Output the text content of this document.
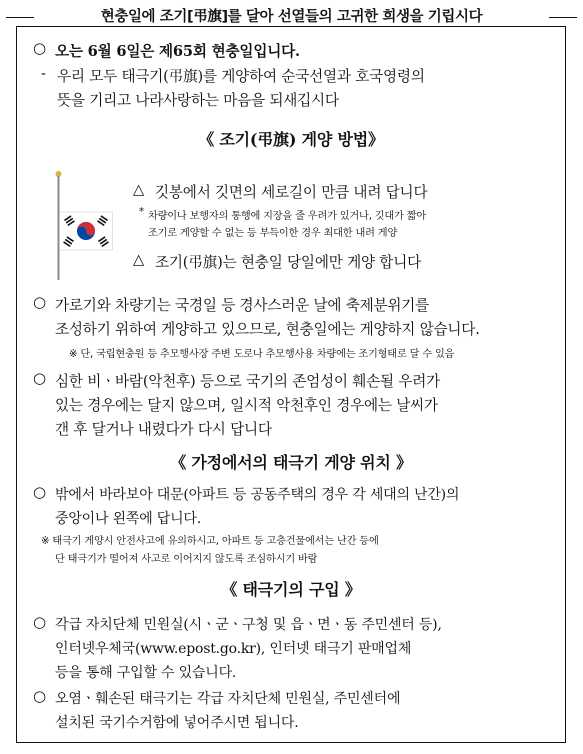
현충일에 조기[弔旗]를 달아 선열들의 고귀한 희생을 기립시다
○ 오는 6월 6일은 제65회 현충일입니다.
- 우리 모두 태극기(弔旗)를 게양하여 순국선열과 호국영령의
뜻을 기리고 나라사랑하는 마음을 되새깁시다
《 조기(弔旗) 게양 방법》
△ 깃봉에서 깃면의 세로길이 만큼 내려 답니다
* 차량이나 보행자의 통행에 지장을 줄 우려가 있거나, 깃대가 짧아
조기로 게양할 수 없는 등 부득이한 경우 최대한 내려 게양
△ 조기(弔旗)는 현충일 당일에만 게양 합니다
○ 가로기와 차량기는 국경일 등 경사스러운 날에 축제분위기를
조성하기 위하여 게양하고 있으므로, 현충일에는 게양하지 않습니다.
※ 단, 국립현충원 등 추모행사장 주변 도로나 추모행사용 차량에는 조기형태로 달 수 있음
○ 심한 비ㆍ바람(악천후) 등으로 국기의 존엄성이 훼손될 우려가
있는 경우에는 달지 않으며, 일시적 악천후인 경우에는 날씨가
갠 후 달거나 내렸다가 다시 답니다
《 가정에서의 태극기 게양 위치 》
○ 밖에서 바라보아 대문(아파트 등 공동주택의 경우 각 세대의 난간)의
중앙이나 왼쪽에 답니다.
※ 태극기 게양시 안전사고에 유의하시고, 아파트 등 고층건물에서는 난간 등에
단 태극기가 떨어져 사고로 이어지지 않도록 조심하시기 바람
《 태극기의 구입 》
○ 각급 자치단체 민원실(시ㆍ군ㆍ구청 및 읍ㆍ면ㆍ동 주민센터 등),
인터넷우체국(www.epost.go.kr), 인터넷 태극기 판매업체
등을 통해 구입할 수 있습니다.
○ 오염ㆍ훼손된 태극기는 각급 자치단체 민원실, 주민센터에
설치된 국기수거함에 넣어주시면 됩니다.
